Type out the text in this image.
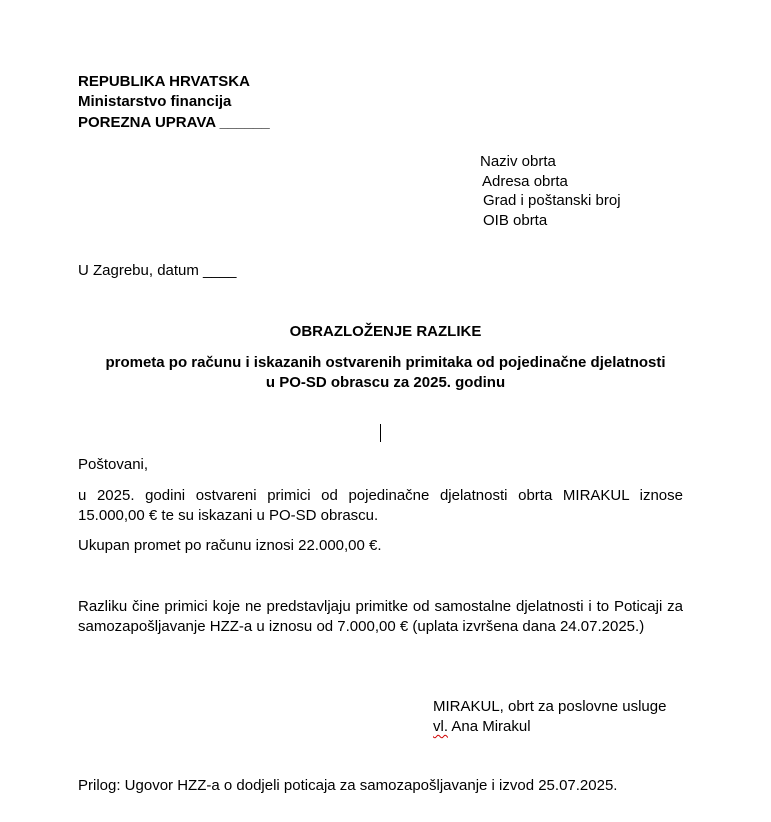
REPUBLIKA HRVATSKA
Ministarstvo financija
POREZNA UPRAVA ______
Naziv obrta
Adresa obrta
Grad i poštanski broj
OIB obrta
U Zagrebu, datum ____
OBRAZLOŽENJE RAZLIKE
prometa po računu i iskazanih ostvarenih primitaka od pojedinačne djelatnosti
u PO-SD obrascu za 2025. godinu
Poštovani,
u 2025. godini ostvareni primici od pojedinačne djelatnosti obrta MIRAKUL iznose 15.000,00 € te su iskazani u PO-SD obrascu.
Ukupan promet po računu iznosi 22.000,00 €.
Razliku čine primici koje ne predstavljaju primitke od samostalne djelatnosti i to Poticaji za samozapošljavanje HZZ-a u iznosu od 7.000,00 € (uplata izvršena dana 24.07.2025.)
MIRAKUL, obrt za poslovne usluge
vl. Ana Mirakul
Prilog: Ugovor HZZ-a o dodjeli poticaja za samozapošljavanje i izvod 25.07.2025.
